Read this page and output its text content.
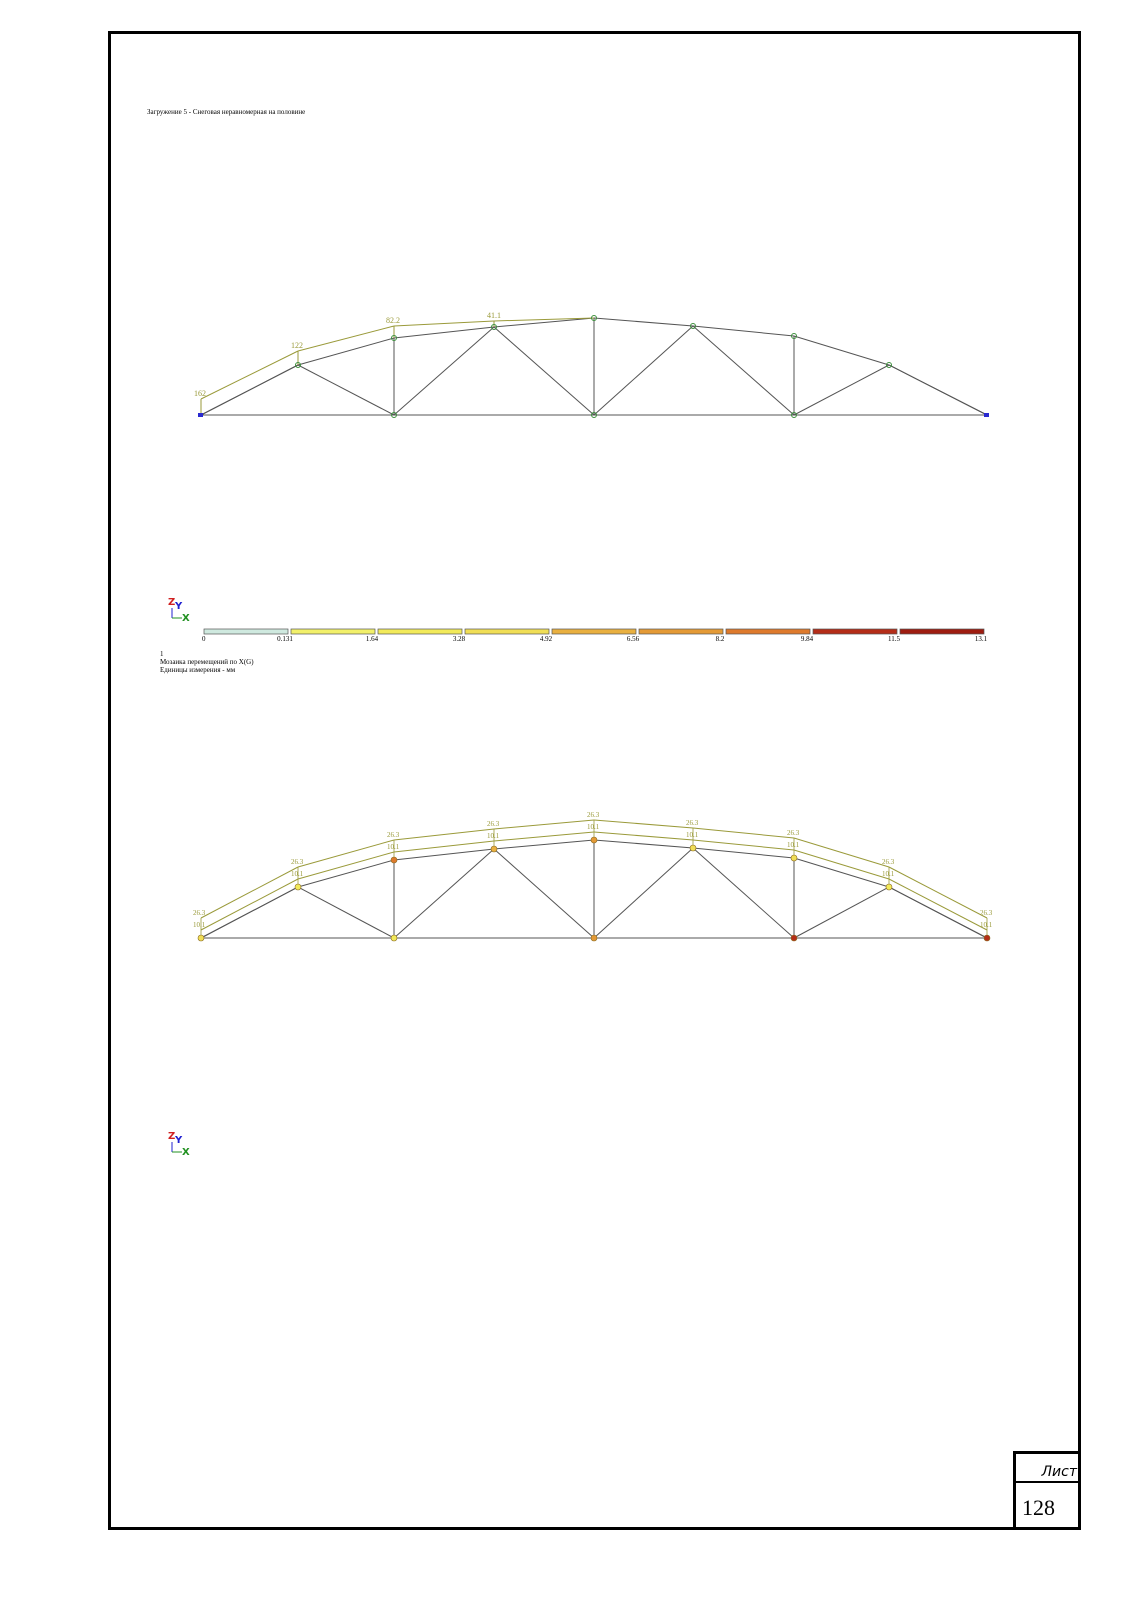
Загружение 5 - Снеговая неравномерная на половине
162
122
82.2
41.1
Z Y
X
0	0.131	1.64	3.28	4.92	6.56	8.2	9.84	11.5	13.1
1
Мозаика перемещений по X(G)
Единицы измерения - мм
26.3
10.1
26.3
10.1
26.3
10.1
26.3
10.1
26.3
10.1	26.3
10.1	26.3
10.1
26.3
10.1
26.3
10.1
Z Y
X
Лист
128
